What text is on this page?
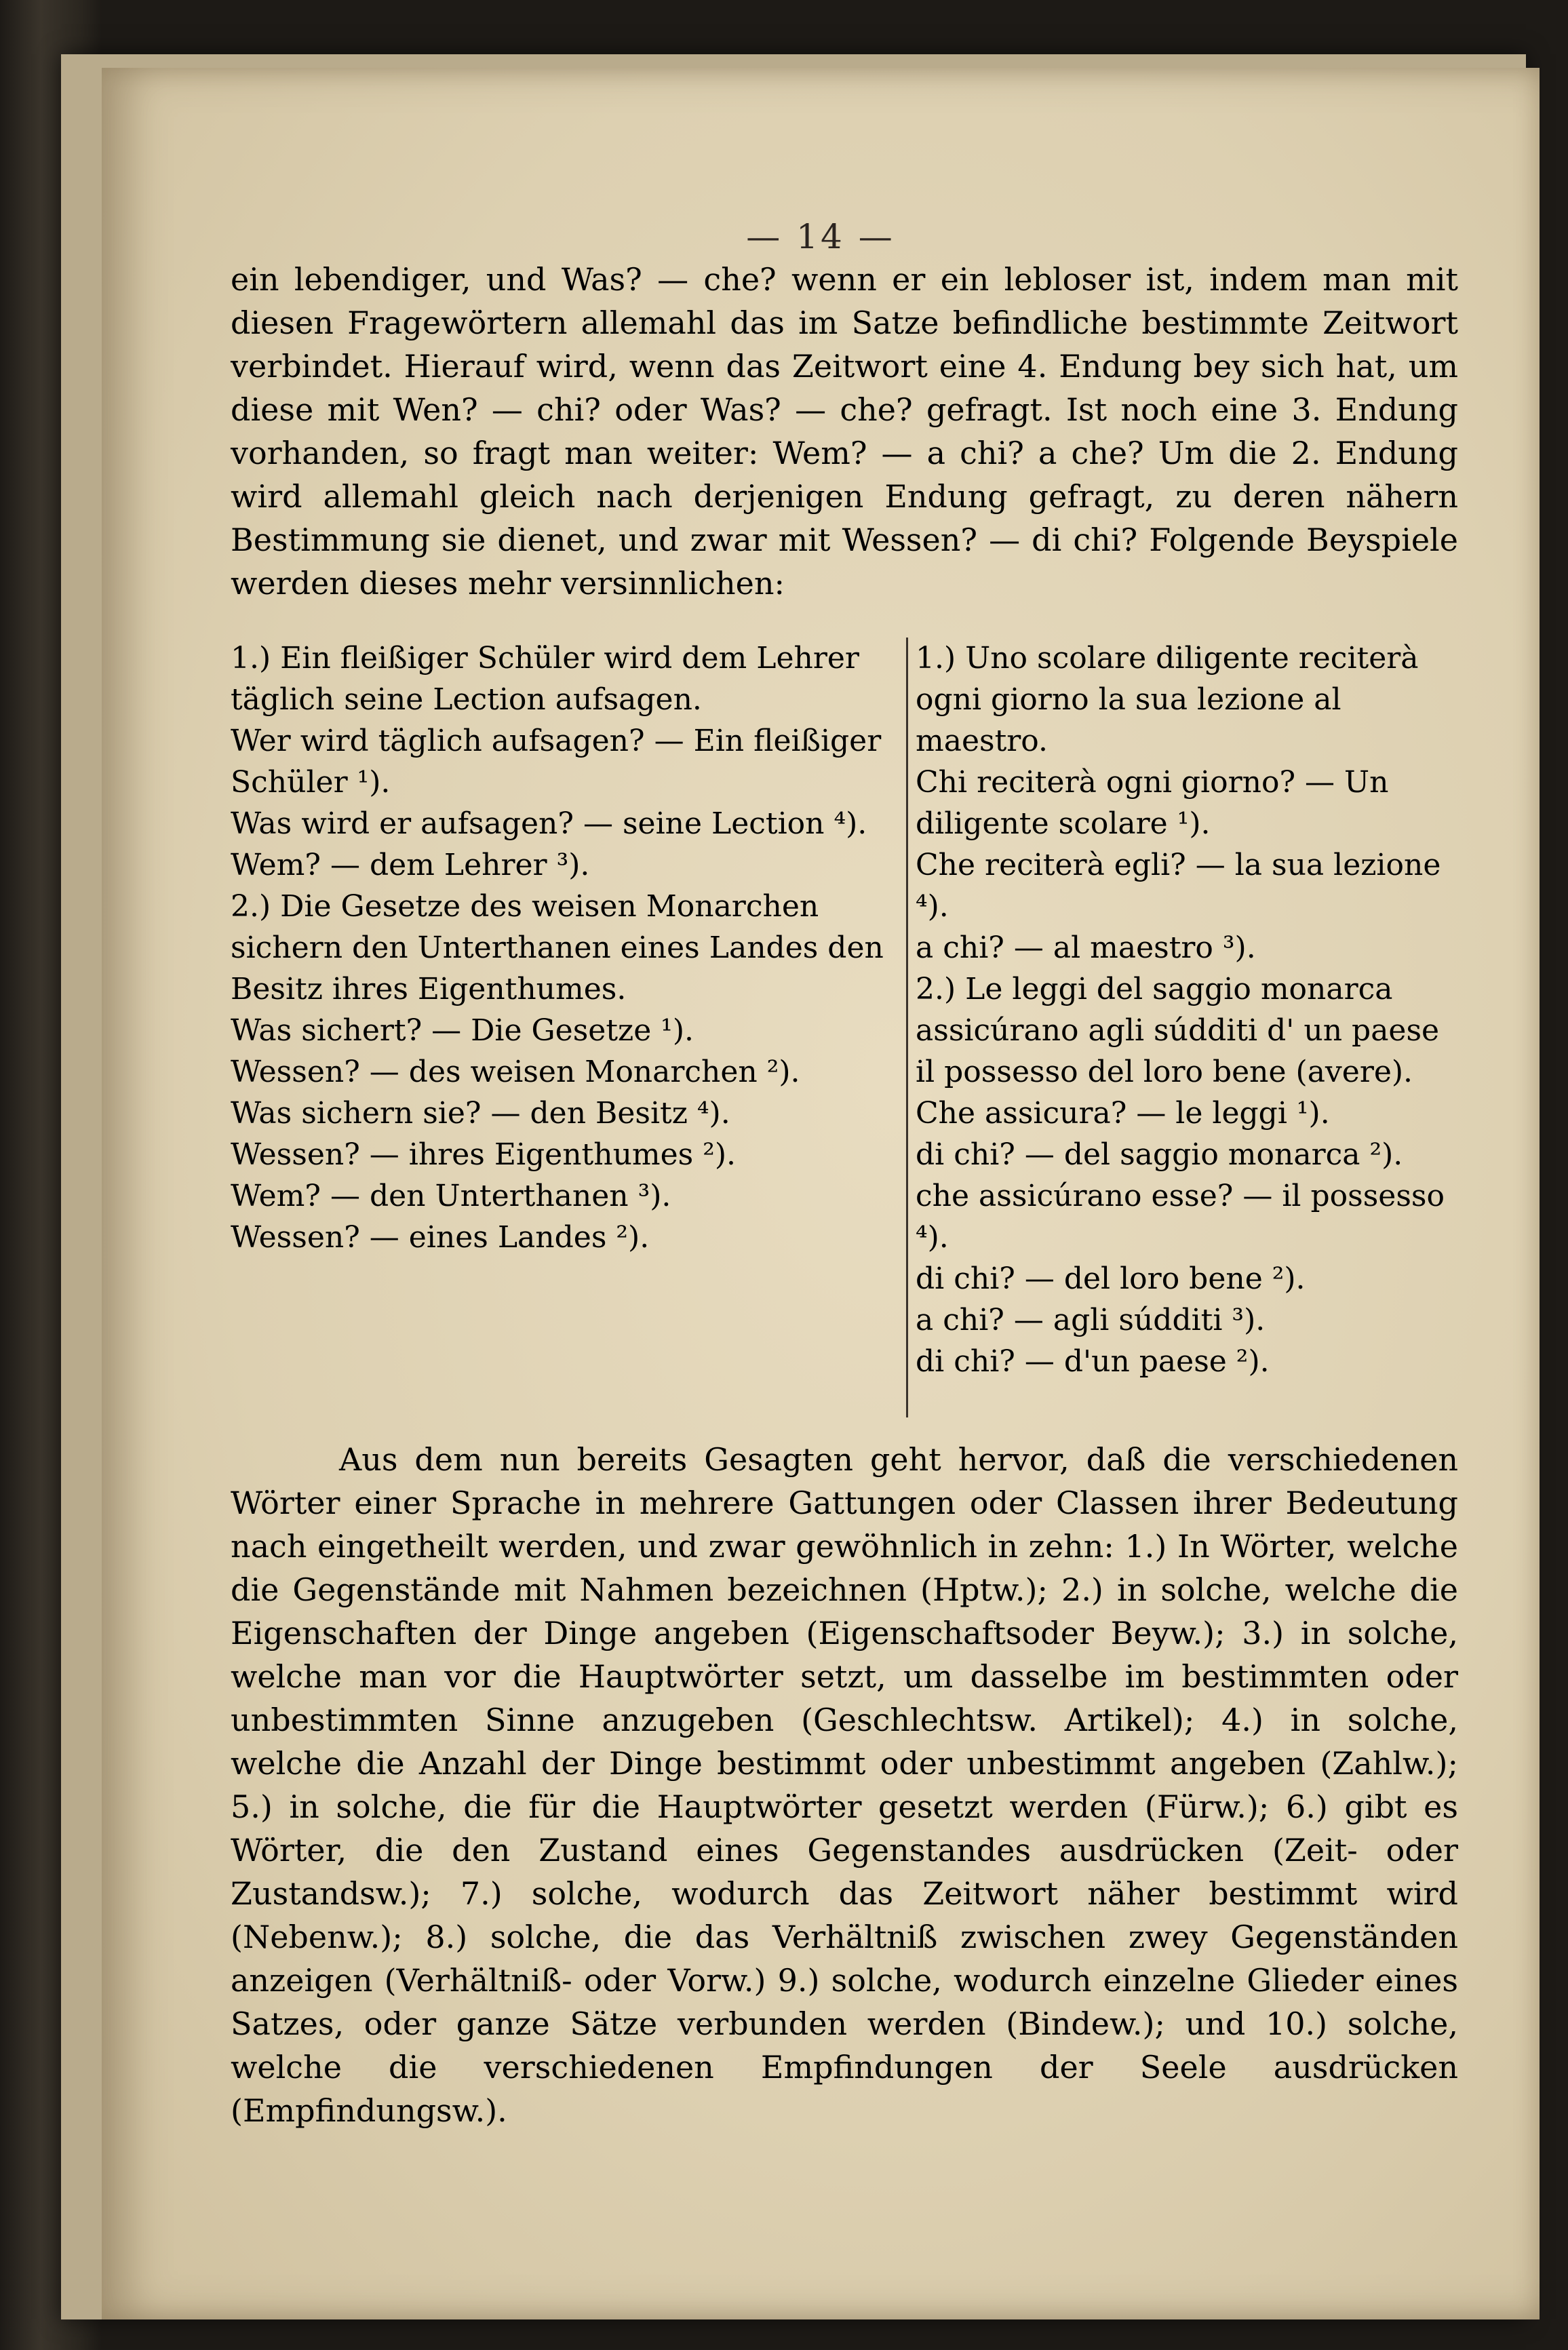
— 14 —

ein lebendiger, und Was? — che? wenn er ein lebloser ist, indem man mit diesen Fragewörtern allemahl das im Satze befindliche bestimmte Zeitwort verbindet. Hierauf wird, wenn das Zeitwort eine 4. Endung bey sich hat, um diese mit Wen? — chi? oder Was? — che? gefragt. Ist noch eine 3. Endung vorhanden, so fragt man weiter: Wem? — a chi? a che? Um die 2. Endung wird allemahl gleich nach derjenigen Endung gefragt, zu deren nähern Bestimmung sie dienet, und zwar mit Wessen? — di chi? Folgende Beyspiele werden dieses mehr versinnlichen:

1.) Ein fleißiger Schüler wird dem Lehrer täglich seine Lection aufsagen.

Wer wird täglich aufsagen? — Ein fleißiger Schüler ¹).

Was wird er aufsagen? — seine Lection ⁴).

Wem? — dem Lehrer ³).

2.) Die Gesetze des weisen Monarchen sichern den Unterthanen eines Landes den Besitz ihres Eigenthumes.

Was sichert? — Die Gesetze ¹).

Wessen? — des weisen Monarchen ²).

Was sichern sie? — den Besitz ⁴).

Wessen? — ihres Eigenthumes ²).

Wem? — den Unterthanen ³).

Wessen? — eines Landes ²).

1.) Uno scolare diligente reciterà ogni giorno la sua lezione al maestro.

Chi reciterà ogni giorno? — Un diligente scolare ¹).

Che reciterà egli? — la sua lezione ⁴).

a chi? — al maestro ³).

2.) Le leggi del saggio monarca assicúrano agli súdditi d' un paese il possesso del loro bene (avere).

Che assicura? — le leggi ¹).

di chi? — del saggio monarca ²).

che assicúrano esse? — il possesso ⁴).

di chi? — del loro bene ²).

a chi? — agli súdditi ³).

di chi? — d'un paese ²).

Aus dem nun bereits Gesagten geht hervor, daß die verschiedenen Wörter einer Sprache in mehrere Gattungen oder Classen ihrer Bedeutung nach eingetheilt werden, und zwar gewöhnlich in zehn: 1.) In Wörter, welche die Gegenstände mit Nahmen bezeichnen (Hptw.); 2.) in solche, welche die Eigenschaften der Dinge angeben (Eigenschaftsoder Beyw.); 3.) in solche, welche man vor die Hauptwörter setzt, um dasselbe im bestimmten oder unbestimmten Sinne anzugeben (Geschlechtsw. Artikel); 4.) in solche, welche die Anzahl der Dinge bestimmt oder unbestimmt angeben (Zahlw.); 5.) in solche, die für die Hauptwörter gesetzt werden (Fürw.); 6.) gibt es Wörter, die den Zustand eines Gegenstandes ausdrücken (Zeit- oder Zustandsw.); 7.) solche, wodurch das Zeitwort näher bestimmt wird (Nebenw.); 8.) solche, die das Verhältniß zwischen zwey Gegenständen anzeigen (Verhältniß- oder Vorw.) 9.) solche, wodurch einzelne Glieder eines Satzes, oder ganze Sätze verbunden werden (Bindew.); und 10.) solche, welche die verschiedenen Empfindungen der Seele ausdrücken (Empfindungsw.).
